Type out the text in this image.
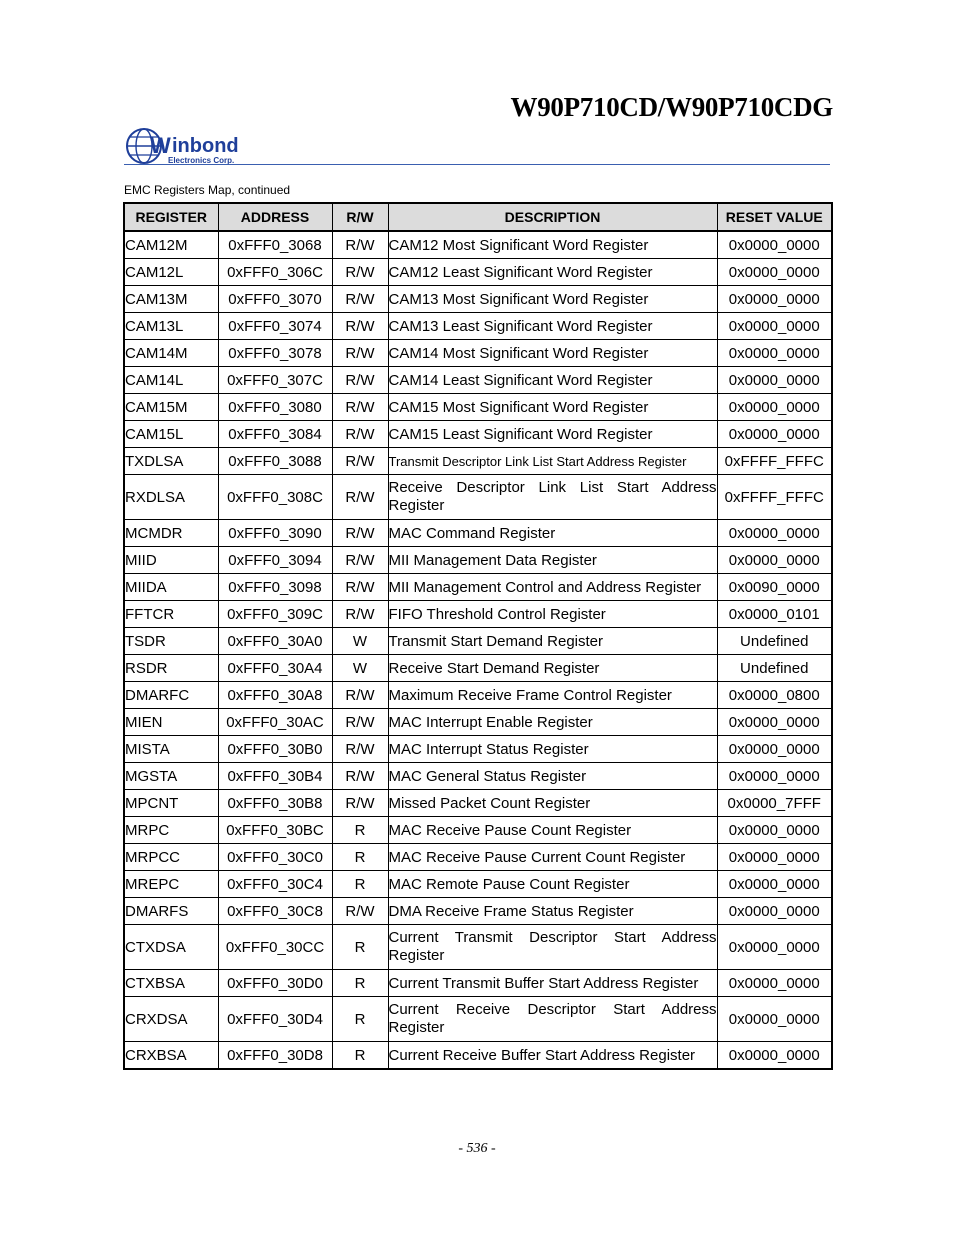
W90P710CD/W90P710CDG
W inbond
Electronics Corp.
EMC Registers Map, continued
REGISTER	ADDRESS	R/W	DESCRIPTION	RESET VALUE
CAM12M	0xFFF0_3068	R/W	CAM12 Most Significant Word Register	0x0000_0000
CAM12L	0xFFF0_306C	R/W	CAM12 Least Significant Word Register	0x0000_0000
CAM13M	0xFFF0_3070	R/W	CAM13 Most Significant Word Register	0x0000_0000
CAM13L	0xFFF0_3074	R/W	CAM13 Least Significant Word Register	0x0000_0000
CAM14M	0xFFF0_3078	R/W	CAM14 Most Significant Word Register	0x0000_0000
CAM14L	0xFFF0_307C	R/W	CAM14 Least Significant Word Register	0x0000_0000
CAM15M	0xFFF0_3080	R/W	CAM15 Most Significant Word Register	0x0000_0000
CAM15L	0xFFF0_3084	R/W	CAM15 Least Significant Word Register	0x0000_0000
TXDLSA	0xFFF0_3088	R/W	Transmit Descriptor Link List Start Address Register	0xFFFF_FFFC
RXDLSA	0xFFF0_308C	R/W	Receive Descriptor Link List Start Address Register	0xFFFF_FFFC
MCMDR	0xFFF0_3090	R/W	MAC Command Register	0x0000_0000
MIID	0xFFF0_3094	R/W	MII Management Data Register	0x0000_0000
MIIDA	0xFFF0_3098	R/W	MII Management Control and Address Register	0x0090_0000
FFTCR	0xFFF0_309C	R/W	FIFO Threshold Control Register	0x0000_0101
TSDR	0xFFF0_30A0	W	Transmit Start Demand Register	Undefined
RSDR	0xFFF0_30A4	W	Receive Start Demand Register	Undefined
DMARFC	0xFFF0_30A8	R/W	Maximum Receive Frame Control Register	0x0000_0800
MIEN	0xFFF0_30AC	R/W	MAC Interrupt Enable Register	0x0000_0000
MISTA	0xFFF0_30B0	R/W	MAC Interrupt Status Register	0x0000_0000
MGSTA	0xFFF0_30B4	R/W	MAC General Status Register	0x0000_0000
MPCNT	0xFFF0_30B8	R/W	Missed Packet Count Register	0x0000_7FFF
MRPC	0xFFF0_30BC	R	MAC Receive Pause Count Register	0x0000_0000
MRPCC	0xFFF0_30C0	R	MAC Receive Pause Current Count Register	0x0000_0000
MREPC	0xFFF0_30C4	R	MAC Remote Pause Count Register	0x0000_0000
DMARFS	0xFFF0_30C8	R/W	DMA Receive Frame Status Register	0x0000_0000
CTXDSA	0xFFF0_30CC	R	Current Transmit Descriptor Start Address Register	0x0000_0000
CTXBSA	0xFFF0_30D0	R	Current Transmit Buffer Start Address Register	0x0000_0000
CRXDSA	0xFFF0_30D4	R	Current Receive Descriptor Start Address Register	0x0000_0000
CRXBSA	0xFFF0_30D8	R	Current Receive Buffer Start Address Register	0x0000_0000
- 536 -
